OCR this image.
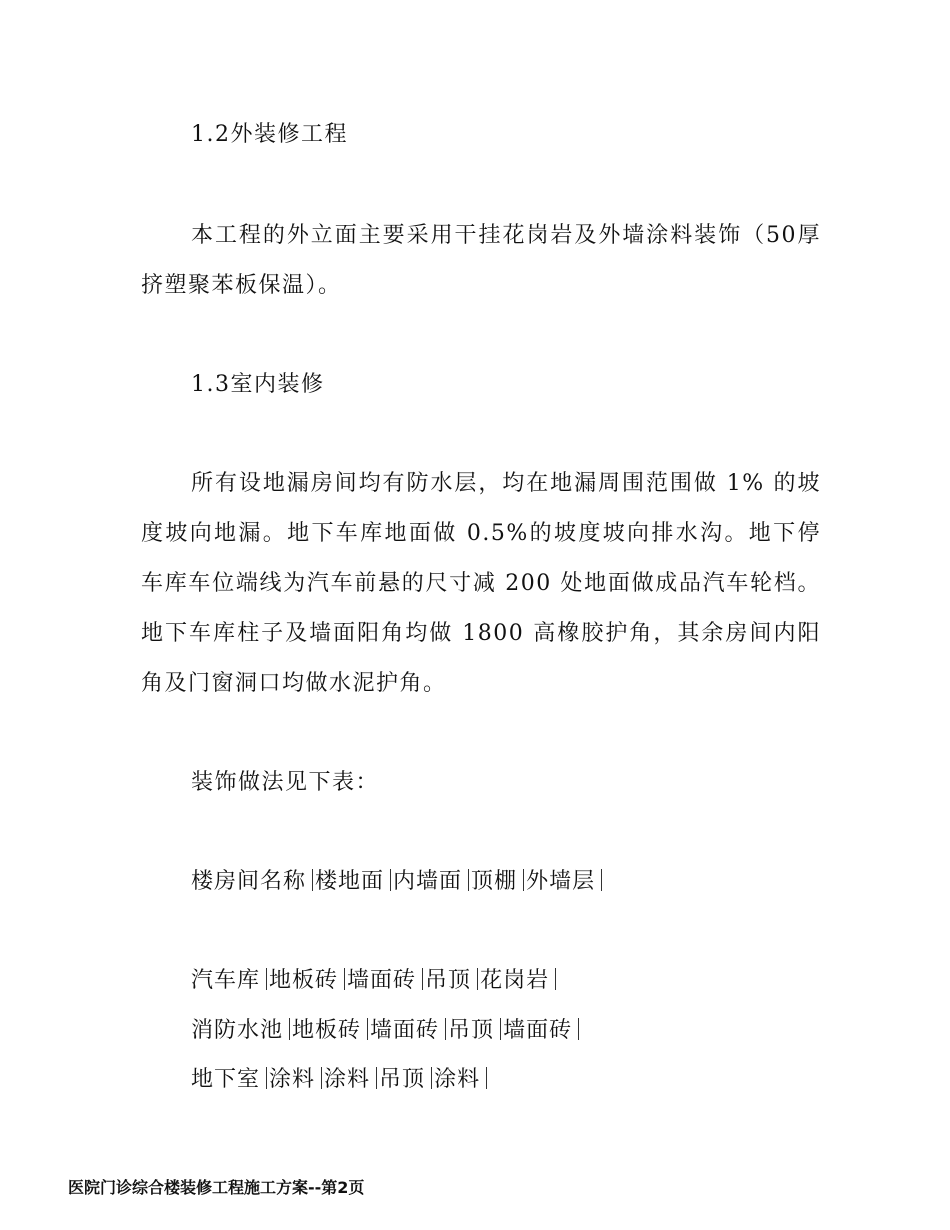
1.2外装修工程
本工程的外立面主要采用干挂花岗岩及外墙涂料装饰（50厚挤塑聚苯板保温）。
1.3室内装修
所有设地漏房间均有防水层，均在地漏周围范围做 1% 的坡度坡向地漏。地下车库地面做 0.5%的坡度坡向排水沟。地下停车库车位端线为汽车前悬的尺寸减 200 处地面做成品汽车轮档。地下车库柱子及墙面阳角均做 1800 高橡胶护角，其余房间内阳角及门窗洞口均做水泥护角。
装饰做法见下表：
楼房间名称 楼地面 内墙面 顶棚 外墙层
汽车库 地板砖 墙面砖 吊顶 花岗岩
消防水池 地板砖 墙面砖 吊顶 墙面砖
地下室 涂料 涂料 吊顶 涂料
医院门诊综合楼装修工程施工方案--第2页
